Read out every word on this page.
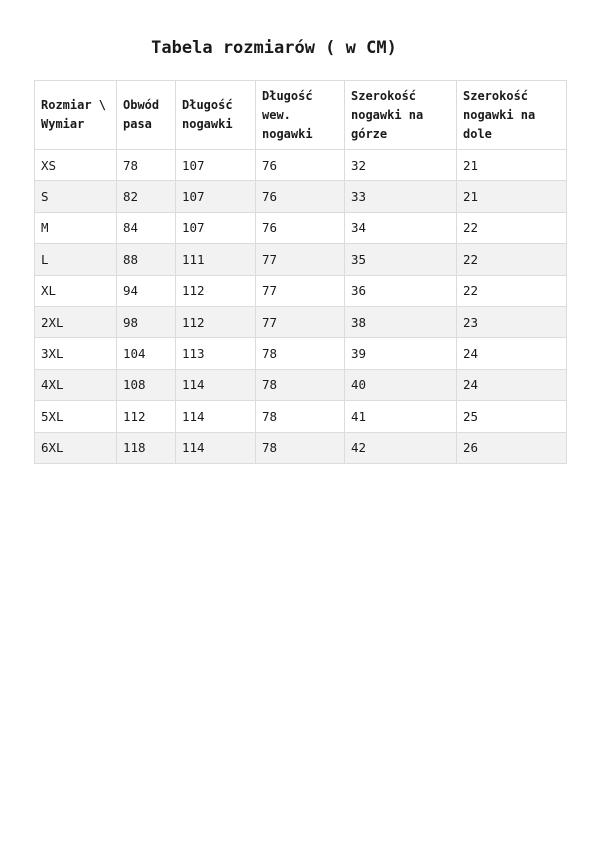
Tabela rozmiarów ( w CM)
Rozmiar \ Wymiar	Obwód pasa	Długość nogawki	Długość wew. nogawki	Szerokość nogawki na górze	Szerokość nogawki na dole
XS	78	107	76	32	21
S	82	107	76	33	21
M	84	107	76	34	22
L	88	111	77	35	22
XL	94	112	77	36	22
2XL	98	112	77	38	23
3XL	104	113	78	39	24
4XL	108	114	78	40	24
5XL	112	114	78	41	25
6XL	118	114	78	42	26
